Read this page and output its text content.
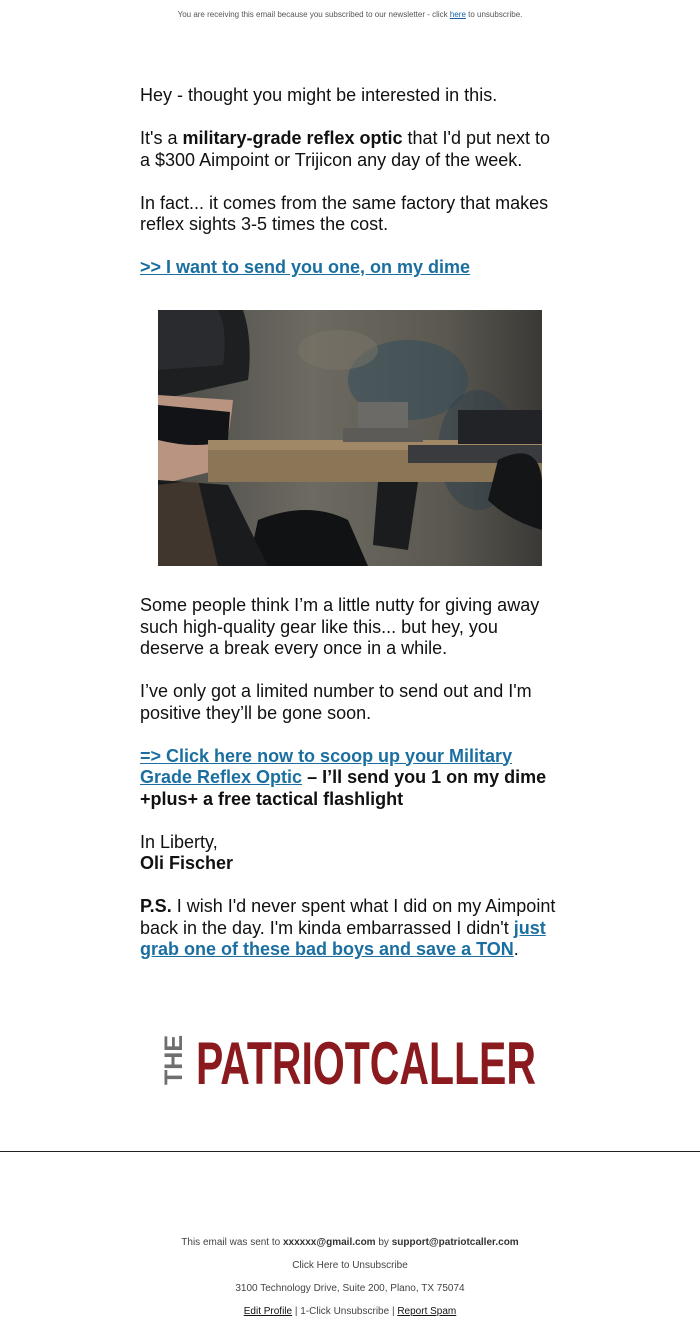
You are receiving this email because you subscribed to our newsletter - click here to unsubscribe.

Hey - thought you might be interested in this.

It's a military-grade reflex optic that I'd put next to a $300 Aimpoint or Trijicon any day of the week.

In fact... it comes from the same factory that makes reflex sights 3-5 times the cost.

>> I want to send you one, on my dime

Some people think I’m a little nutty for giving away such high-quality gear like this... but hey, you deserve a break every once in a while.

I’ve only got a limited number to send out and I'm positive they’ll be gone soon.

=> Click here now to scoop up your Military Grade Reflex Optic – I’ll send you 1 on my dime +plus+ a free tactical flashlight

In Liberty,
Oli Fischer

P.S. I wish I'd never spent what I did on my Aimpoint back in the day. I'm kinda embarrassed I didn't just grab one of these bad boys and save a TON.

THE PATRIOTCALLER
This email was sent to xxxxxx@gmail.com by support@patriotcaller.com
Click Here to Unsubscribe
3100 Technology Drive, Suite 200, Plano, TX 75074
Edit Profile | 1-Click Unsubscribe | Report Spam
